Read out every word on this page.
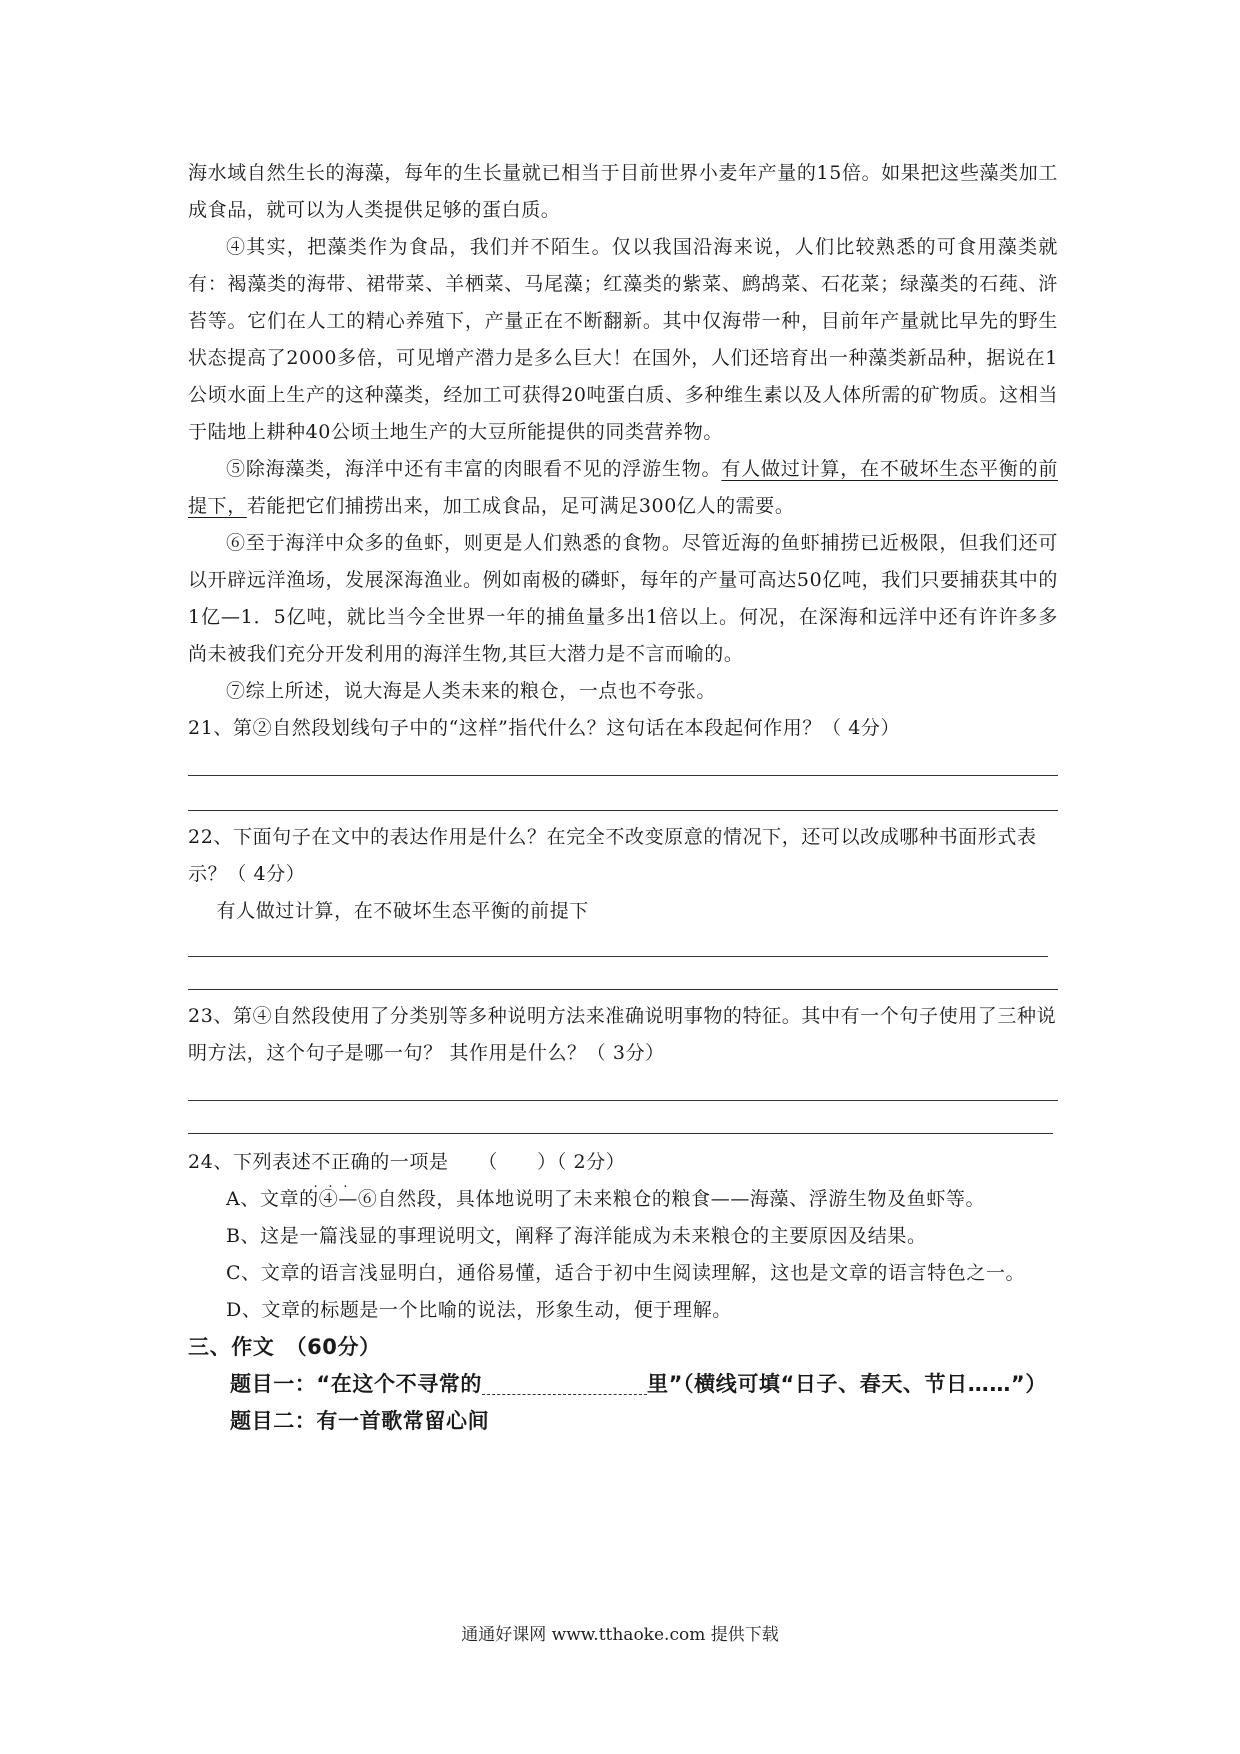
海水域自然生长的海藻，每年的生长量就已相当于目前世界小麦年产量的15倍。如果把这些藻类加工成食品，就可以为人类提供足够的蛋白质。

④其实，把藻类作为食品，我们并不陌生。仅以我国沿海来说，人们比较熟悉的可食用藻类就有：褐藻类的海带、裙带菜、羊栖菜、马尾藻；红藻类的紫菜、鹧鸪菜、石花菜；绿藻类的石莼、浒苔等。它们在人工的精心养殖下，产量正在不断翻新。其中仅海带一种，目前年产量就比早先的野生状态提高了2000多倍，可见增产潜力是多么巨大！在国外，人们还培育出一种藻类新品种，据说在1公顷水面上生产的这种藻类，经加工可获得20吨蛋白质、多种维生素以及人体所需的矿物质。这相当于陆地上耕种40公顷土地生产的大豆所能提供的同类营养物。

⑤除海藻类，海洋中还有丰富的肉眼看不见的浮游生物。有人做过计算，在不破坏生态平衡的前提下，若能把它们捕捞出来，加工成食品，足可满足300亿人的需要。

⑥至于海洋中众多的鱼虾，则更是人们熟悉的食物。尽管近海的鱼虾捕捞已近极限，但我们还可以开辟远洋渔场，发展深海渔业。例如南极的磷虾，每年的产量可高达50亿吨，我们只要捕获其中的1亿—1．5亿吨，就比当今全世界一年的捕鱼量多出1倍以上。何况，在深海和远洋中还有许许多多尚未被我们充分开发利用的海洋生物,其巨大潜力是不言而喻的。

⑦综上所述，说大海是人类未来的粮仓，一点也不夸张。

21、第②自然段划线句子中的“这样”指代什么？这句话在本段起何作用？（ 4分）

22、下面句子在文中的表达作用是什么？在完全不改变原意的情况下，还可以改成哪种书面形式表示？（ 4分）

有人做过计算，在不破坏生态平衡的前提下

23、第④自然段使用了分类别等多种说明方法来准确说明事物的特征。其中有一个句子使用了三种说明方法，这个句子是哪一句？ 其作用是什么？（ 3分）

24、下列表述不正确 · · ·的一项是　　（　　）（ 2分）

A、文章的④—⑥自然段，具体地说明了未来粮仓的粮食——海藻、浮游生物及鱼虾等。

B、这是一篇浅显的事理说明文，阐释了海洋能成为未来粮仓的主要原因及结果。

C、文章的语言浅显明白，通俗易懂，适合于初中生阅读理解，这也是文章的语言特色之一。

D、文章的标题是一个比喻的说法，形象生动，便于理解。

三、作文　（60分）

题目一：“在这个不寻常的	里”（横线可填“日子、春天、节日……”）

题目二：有一首歌常留心间

通通好课网 www.tthaoke.com 提供下载
